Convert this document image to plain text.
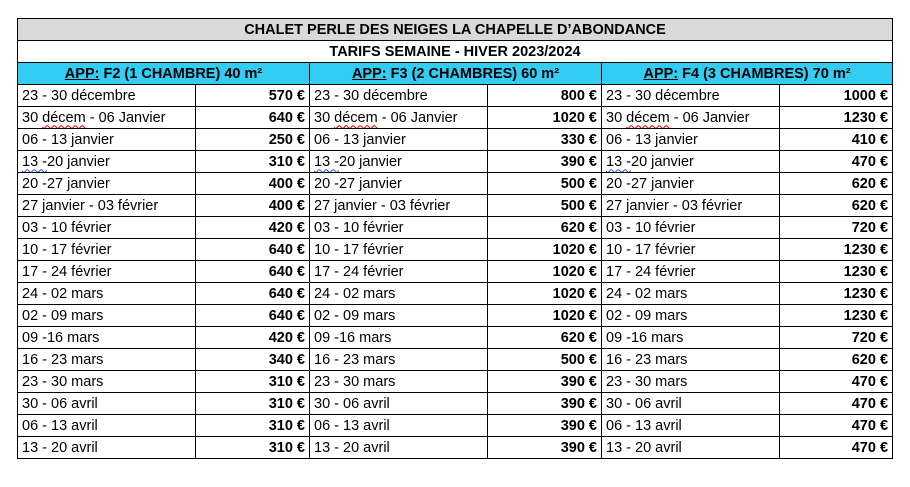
CHALET PERLE DES NEIGES LA CHAPELLE D’ABONDANCE					
TARIFS SEMAINE - HIVER 2023/2024					
APP: F2 (1 CHAMBRE) 40 m²		APP: F3 (2 CHAMBRES) 60 m²		APP: F4 (3 CHAMBRES) 70 m²	
23 - 30 décembre	570 €	23 - 30 décembre	800 €	23 - 30 décembre	1000 €
30 décem - 06 Janvier	640 €	30 décem - 06 Janvier	1020 €	30 décem - 06 Janvier	1230 €
06 - 13 janvier	250 €	06 - 13 janvier	330 €	06 - 13 janvier	410 €
13 -20 janvier	310 €	13 -20 janvier	390 €	13 -20 janvier	470 €
20 -27 janvier	400 €	20 -27 janvier	500 €	20 -27 janvier	620 €
27 janvier - 03 février	400 €	27 janvier - 03 février	500 €	27 janvier - 03 février	620 €
03 - 10 février	420 €	03 - 10 février	620 €	03 - 10 février	720 €
10 - 17 février	640 €	10 - 17 février	1020 €	10 - 17 février	1230 €
17 - 24 février	640 €	17 - 24 février	1020 €	17 - 24 février	1230 €
24 - 02 mars	640 €	24 - 02 mars	1020 €	24 - 02 mars	1230 €
02 - 09 mars	640 €	02 - 09 mars	1020 €	02 - 09 mars	1230 €
09 -16 mars	420 €	09 -16 mars	620 €	09 -16 mars	720 €
16 - 23 mars	340 €	16 - 23 mars	500 €	16 - 23 mars	620 €
23 - 30 mars	310 €	23 - 30 mars	390 €	23 - 30 mars	470 €
30 - 06 avril	310 €	30 - 06 avril	390 €	30 - 06 avril	470 €
06 - 13 avril	310 €	06 - 13 avril	390 €	06 - 13 avril	470 €
13 - 20 avril	310 €	13 - 20 avril	390 €	13 - 20 avril	470 €
